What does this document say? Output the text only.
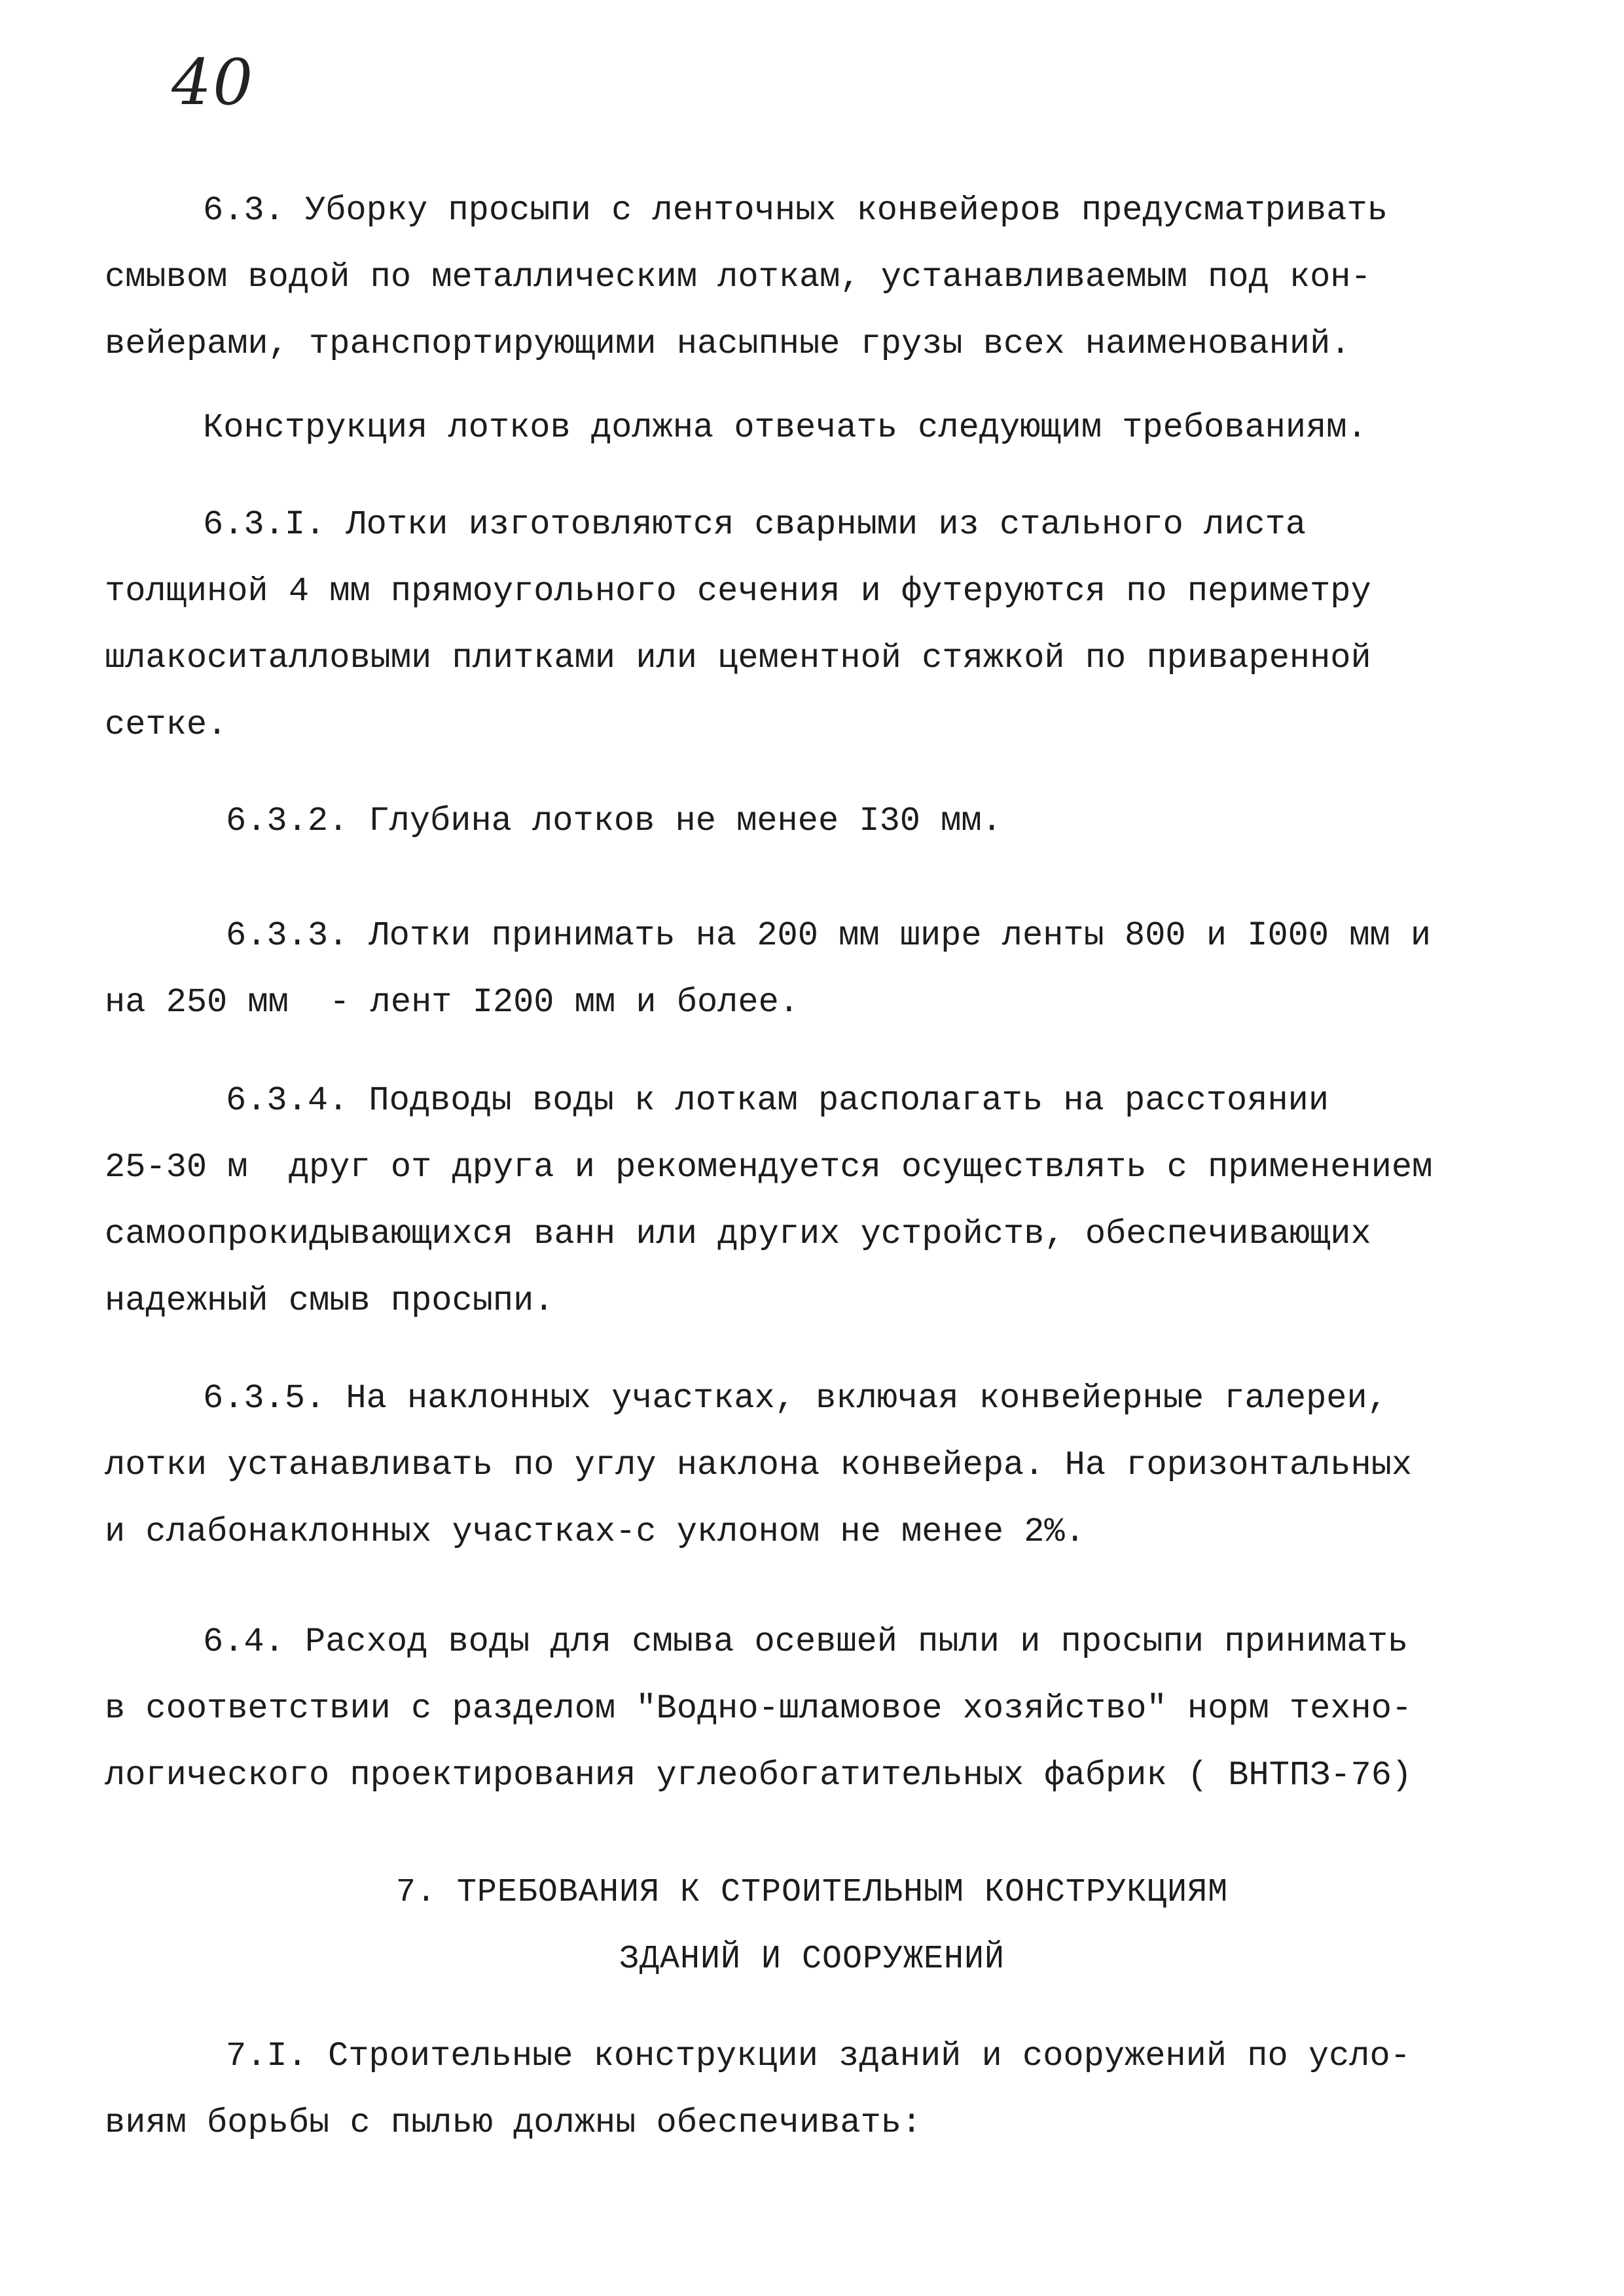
40
6.3. Уборку просыпи с ленточных конвейеров предусматривать
смывом водой по металлическим лоткам, устанавливаемым под кон-
вейерами, транспортирующими насыпные грузы всех наименований.
Конструкция лотков должна отвечать следующим требованиям.
6.3.I. Лотки изготовляются сварными из стального листа
толщиной 4 мм прямоугольного сечения и футеруются по периметру
шлакоситалловыми плитками или цементной стяжкой по приваренной
сетке.
6.3.2. Глубина лотков не менее I30 мм.
6.3.3. Лотки принимать на 200 мм шире ленты 800 и I000 мм и
на 250 мм  - лент I200 мм и более.
6.3.4. Подводы воды к лоткам располагать на расстоянии
25-30 м  друг от друга и рекомендуется осуществлять с применением
самоопрокидывающихся ванн или других устройств, обеспечивающих
надежный смыв просыпи.
6.3.5. На наклонных участках, включая конвейерные галереи,
лотки устанавливать по углу наклона конвейера. На горизонтальных
и слабонаклонных участках-с уклоном не менее 2%.
6.4. Расход воды для смыва осевшей пыли и просыпи принимать
в соответствии с разделом "Водно-шламовое хозяйство" норм техно-
логического проектирования углеобогатительных фабрик ( ВНТПЗ-76)
7. ТРЕБОВАНИЯ К СТРОИТЕЛЬНЫМ КОНСТРУКЦИЯМ
ЗДАНИЙ И СООРУЖЕНИЙ
7.I. Строительные конструкции зданий и сооружений по усло-
виям борьбы с пылью должны обеспечивать:
